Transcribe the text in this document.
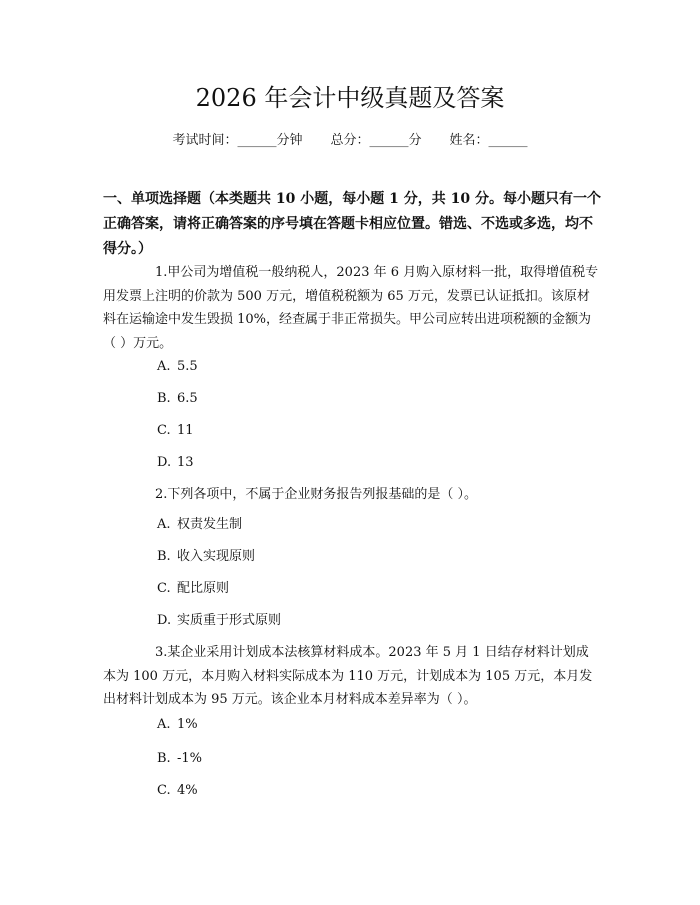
2026 年会计中级真题及答案
考试时间：______分钟 总分：______分 姓名：______
一、单项选择题（本类题共 10 小题，每小题 1 分，共 10 分。每小题只有一个正确答案，请将正确答案的序号填在答题卡相应位置。错选、不选或多选，均不得分。）
1.甲公司为增值税一般纳税人，2023 年 6 月购入原材料一批，取得增值税专用发票上注明的价款为 500 万元，增值税税额为 65 万元，发票已认证抵扣。该原材料在运输途中发生毁损 10%，经查属于非正常损失。甲公司应转出进项税额的金额为（ ）万元。
A. 5.5
B. 6.5
C. 11
D. 13
2.下列各项中，不属于企业财务报告列报基础的是（ ）。
A. 权责发生制
B. 收入实现原则
C. 配比原则
D. 实质重于形式原则
3.某企业采用计划成本法核算材料成本。2023 年 5 月 1 日结存材料计划成本为 100 万元，本月购入材料实际成本为 110 万元，计划成本为 105 万元，本月发出材料计划成本为 95 万元。该企业本月材料成本差异率为（ ）。
A. 1%
B. -1%
C. 4%
